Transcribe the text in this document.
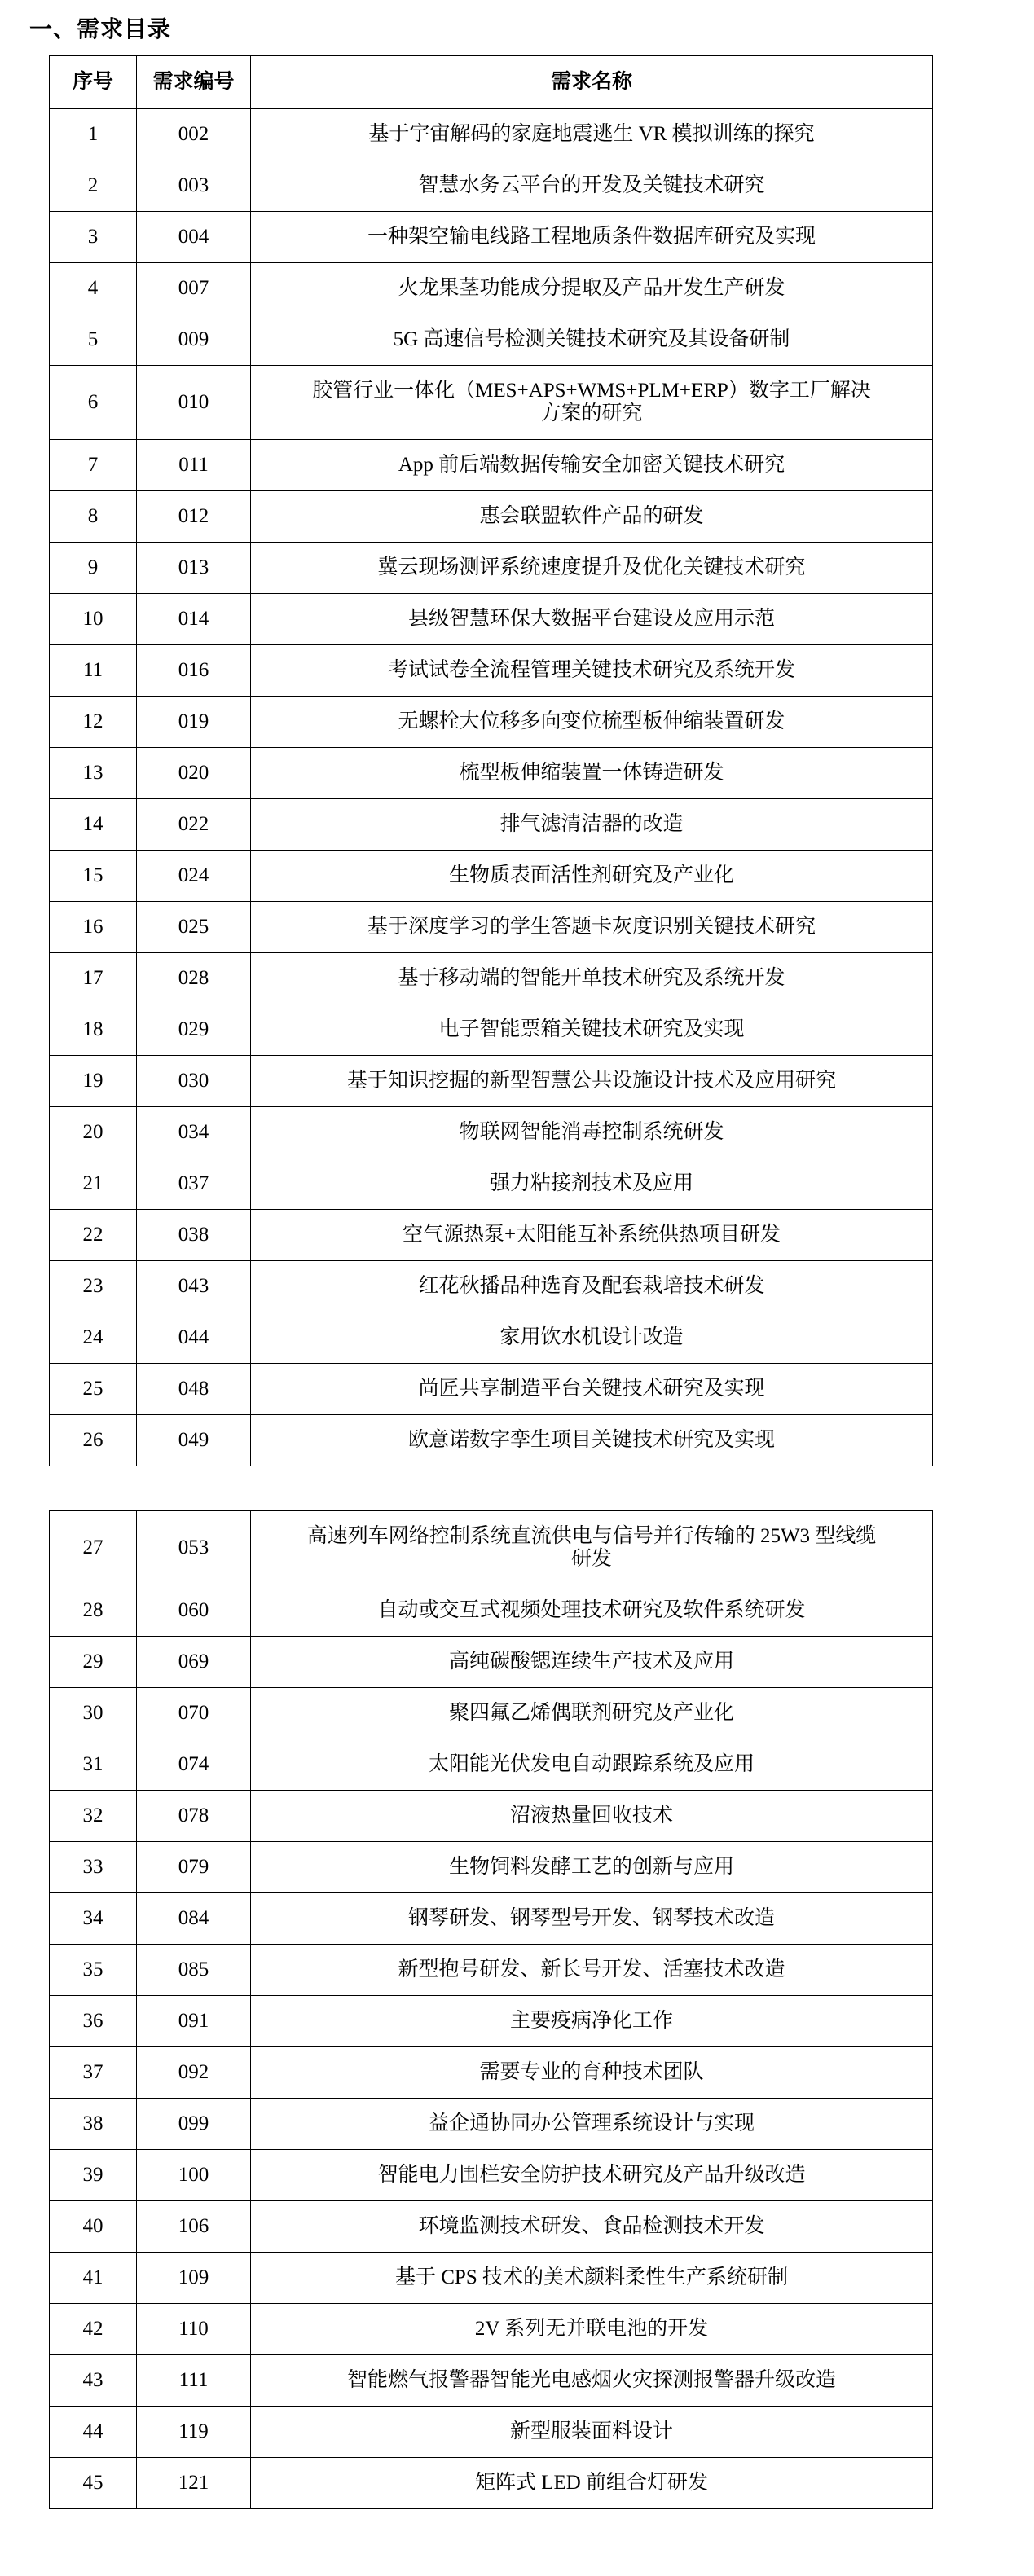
一、需求目录
序号	需求编号	需求名称
1	002	基于宇宙解码的家庭地震逃生 VR 模拟训练的探究
2	003	智慧水务云平台的开发及关键技术研究
3	004	一种架空输电线路工程地质条件数据库研究及实现
4	007	火龙果茎功能成分提取及产品开发生产研发
5	009	5G 高速信号检测关键技术研究及其设备研制
6	010	胶管行业一体化（MES+APS+WMS+PLM+ERP）数字工厂解决方案的研究
7	011	App 前后端数据传输安全加密关键技术研究
8	012	惠会联盟软件产品的研发
9	013	冀云现场测评系统速度提升及优化关键技术研究
10	014	县级智慧环保大数据平台建设及应用示范
11	016	考试试卷全流程管理关键技术研究及系统开发
12	019	无螺栓大位移多向变位梳型板伸缩装置研发
13	020	梳型板伸缩装置一体铸造研发
14	022	排气滤清洁器的改造
15	024	生物质表面活性剂研究及产业化
16	025	基于深度学习的学生答题卡灰度识别关键技术研究
17	028	基于移动端的智能开单技术研究及系统开发
18	029	电子智能票箱关键技术研究及实现
19	030	基于知识挖掘的新型智慧公共设施设计技术及应用研究
20	034	物联网智能消毒控制系统研发
21	037	强力粘接剂技术及应用
22	038	空气源热泵+太阳能互补系统供热项目研发
23	043	红花秋播品种选育及配套栽培技术研发
24	044	家用饮水机设计改造
25	048	尚匠共享制造平台关键技术研究及实现
26	049	欧意诺数字孪生项目关键技术研究及实现
27	053	高速列车网络控制系统直流供电与信号并行传输的 25W3 型线缆研发
28	060	自动或交互式视频处理技术研究及软件系统研发
29	069	高纯碳酸锶连续生产技术及应用
30	070	聚四氟乙烯偶联剂研究及产业化
31	074	太阳能光伏发电自动跟踪系统及应用
32	078	沼液热量回收技术
33	079	生物饲料发酵工艺的创新与应用
34	084	钢琴研发、钢琴型号开发、钢琴技术改造
35	085	新型抱号研发、新长号开发、活塞技术改造
36	091	主要疫病净化工作
37	092	需要专业的育种技术团队
38	099	益企通协同办公管理系统设计与实现
39	100	智能电力围栏安全防护技术研究及产品升级改造
40	106	环境监测技术研发、食品检测技术开发
41	109	基于 CPS 技术的美术颜料柔性生产系统研制
42	110	2V 系列无并联电池的开发
43	111	智能燃气报警器智能光电感烟火灾探测报警器升级改造
44	119	新型服装面料设计
45	121	矩阵式 LED 前组合灯研发
